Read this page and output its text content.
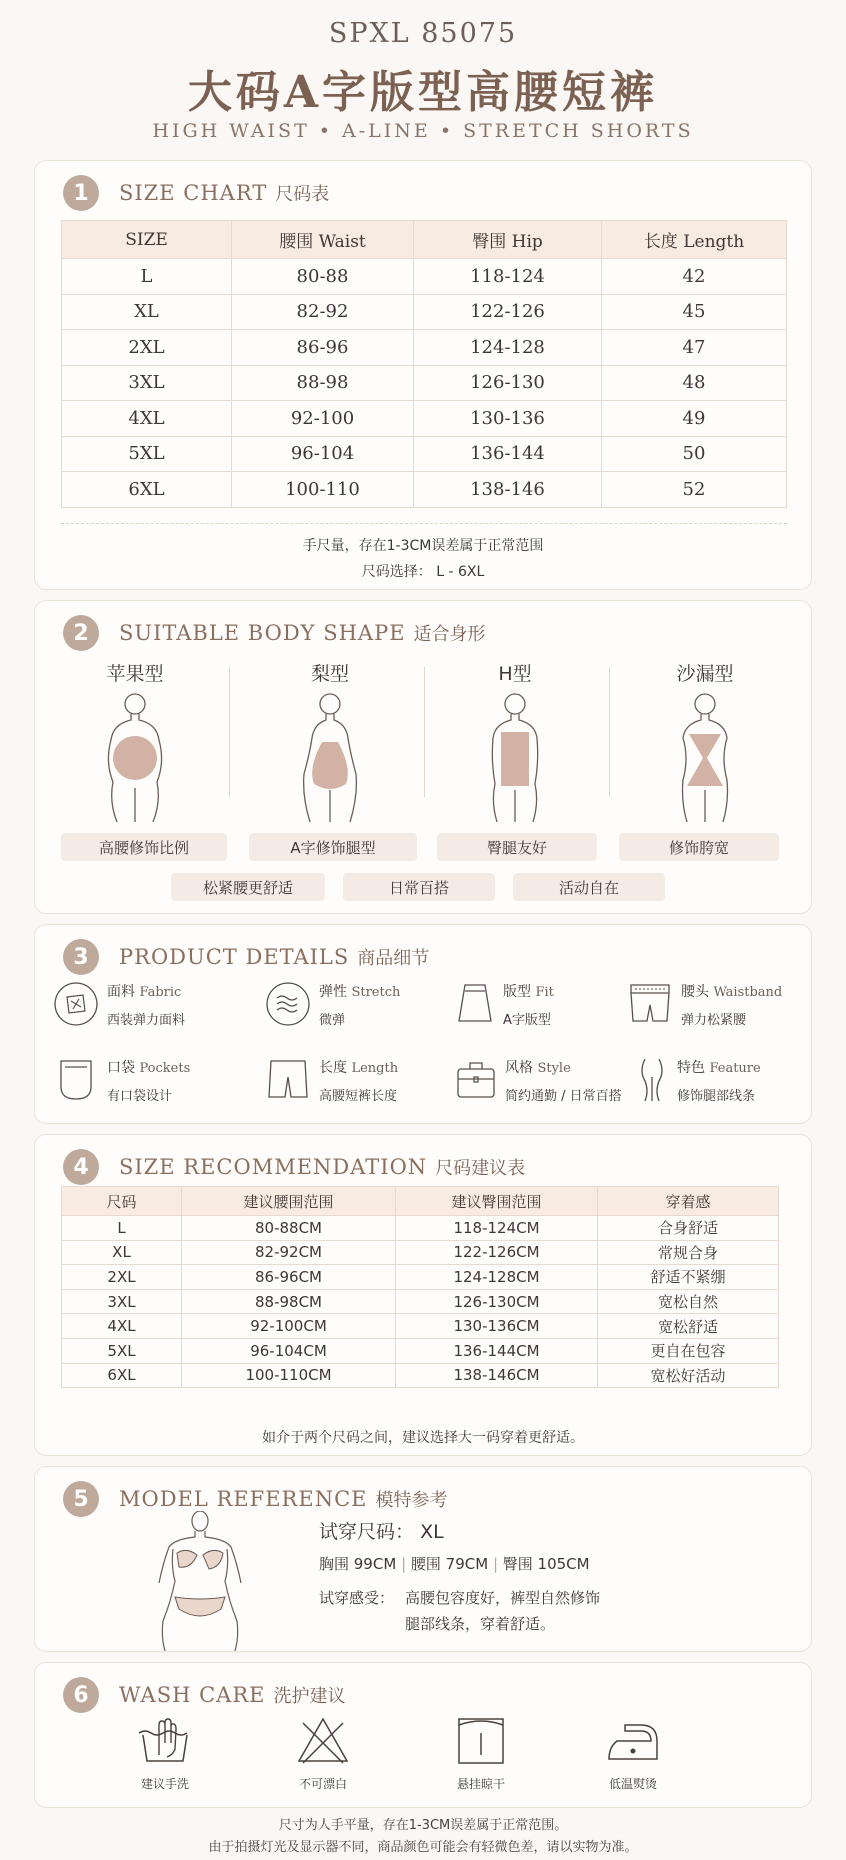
SPXL 85075
大码A字版型高腰短裤
HIGH WAIST • A-LINE • STRETCH SHORTS
1	SIZE CHART 尺码表
SIZE	腰围 Waist	臀围 Hip	长度 Length
L	80-88	118-124	42
XL	82-92	122-126	45
2XL	86-96	124-128	47
3XL	88-98	126-130	48
4XL	92-100	130-136	49
5XL	96-104	136-144	50
6XL	100-110	138-146	52
手尺量，存在1-3CM误差属于正常范围
尺码选择： L - 6XL
2	SUITABLE BODY SHAPE 适合身形
苹果型	梨型	H型	沙漏型
高腰修饰比例	A字修饰腿型	臀腿友好	修饰胯宽
松紧腰更舒适	日常百搭	活动自在
3	PRODUCT DETAILS 商品细节
面料 Fabric
西装弹力面料
弹性 Stretch
微弹
版型 Fit
A字版型
腰头 Waistband
弹力松紧腰
口袋 Pockets
有口袋设计
长度 Length
高腰短裤长度
风格 Style
简约通勤 / 日常百搭
特色 Feature
修饰腿部线条
4	SIZE RECOMMENDATION 尺码建议表
尺码	建议腰围范围	建议臀围范围	穿着感
L	80-88CM	118-124CM	合身舒适
XL	82-92CM	122-126CM	常规合身
2XL	86-96CM	124-128CM	舒适不紧绷
3XL	88-98CM	126-130CM	宽松自然
4XL	92-100CM	130-136CM	宽松舒适
5XL	96-104CM	136-144CM	更自在包容
6XL	100-110CM	138-146CM	宽松好活动
如介于两个尺码之间，建议选择大一码穿着更舒适。
5	MODEL REFERENCE 模特参考
试穿尺码： XL
胸围 99CM | 腰围 79CM | 臀围 105CM
试穿感受： 高腰包容度好，裤型自然修饰
腿部线条，穿着舒适。
6	WASH CARE 洗护建议
建议手洗	不可漂白	悬挂晾干	低温熨烫
尺寸为人手平量，存在1-3CM误差属于正常范围。
由于拍摄灯光及显示器不同，商品颜色可能会有轻微色差，请以实物为准。
